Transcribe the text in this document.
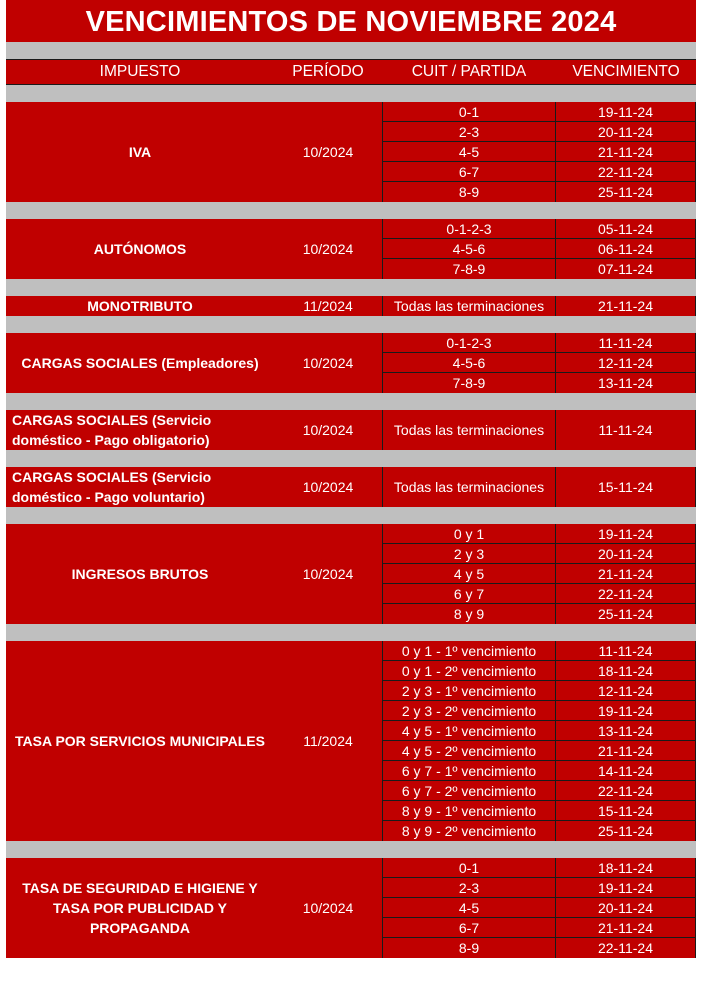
VENCIMIENTOS DE NOVIEMBRE 2024
IMPUESTO	PERÍODO	CUIT / PARTIDA	VENCIMIENTO
IVA	10/2024
0-1	19-11-24
2-3	20-11-24
4-5	21-11-24
6-7	22-11-24
8-9	25-11-24
AUTÓNOMOS	10/2024
0-1-2-3	05-11-24
4-5-6	06-11-24
7-8-9	07-11-24
MONOTRIBUTO	11/2024	Todas las terminaciones	21-11-24
CARGAS SOCIALES (Empleadores)	10/2024
0-1-2-3	11-11-24
4-5-6	12-11-24
7-8-9	13-11-24
CARGAS SOCIALES (Servicio doméstico - Pago obligatorio)
10/2024	Todas las terminaciones	11-11-24
CARGAS SOCIALES (Servicio doméstico - Pago voluntario)
10/2024	Todas las terminaciones	15-11-24
INGRESOS BRUTOS	10/2024
0 y 1	19-11-24
2 y 3	20-11-24
4 y 5	21-11-24
6 y 7	22-11-24
8 y 9	25-11-24
TASA POR SERVICIOS MUNICIPALES	11/2024
0 y 1 - 1º vencimiento	11-11-24
0 y 1 - 2º vencimiento	18-11-24
2 y 3 - 1º vencimiento	12-11-24
2 y 3 - 2º vencimiento	19-11-24
4 y 5 - 1º vencimiento	13-11-24
4 y 5 - 2º vencimiento	21-11-24
6 y 7 - 1º vencimiento	14-11-24
6 y 7 - 2º vencimiento	22-11-24
8 y 9 - 1º vencimiento	15-11-24
8 y 9 - 2º vencimiento	25-11-24
TASA DE SEGURIDAD E HIGIENE Y TASA POR PUBLICIDAD Y PROPAGANDA
10/2024
0-1	18-11-24
2-3	19-11-24
4-5	20-11-24
6-7	21-11-24
8-9	22-11-24
